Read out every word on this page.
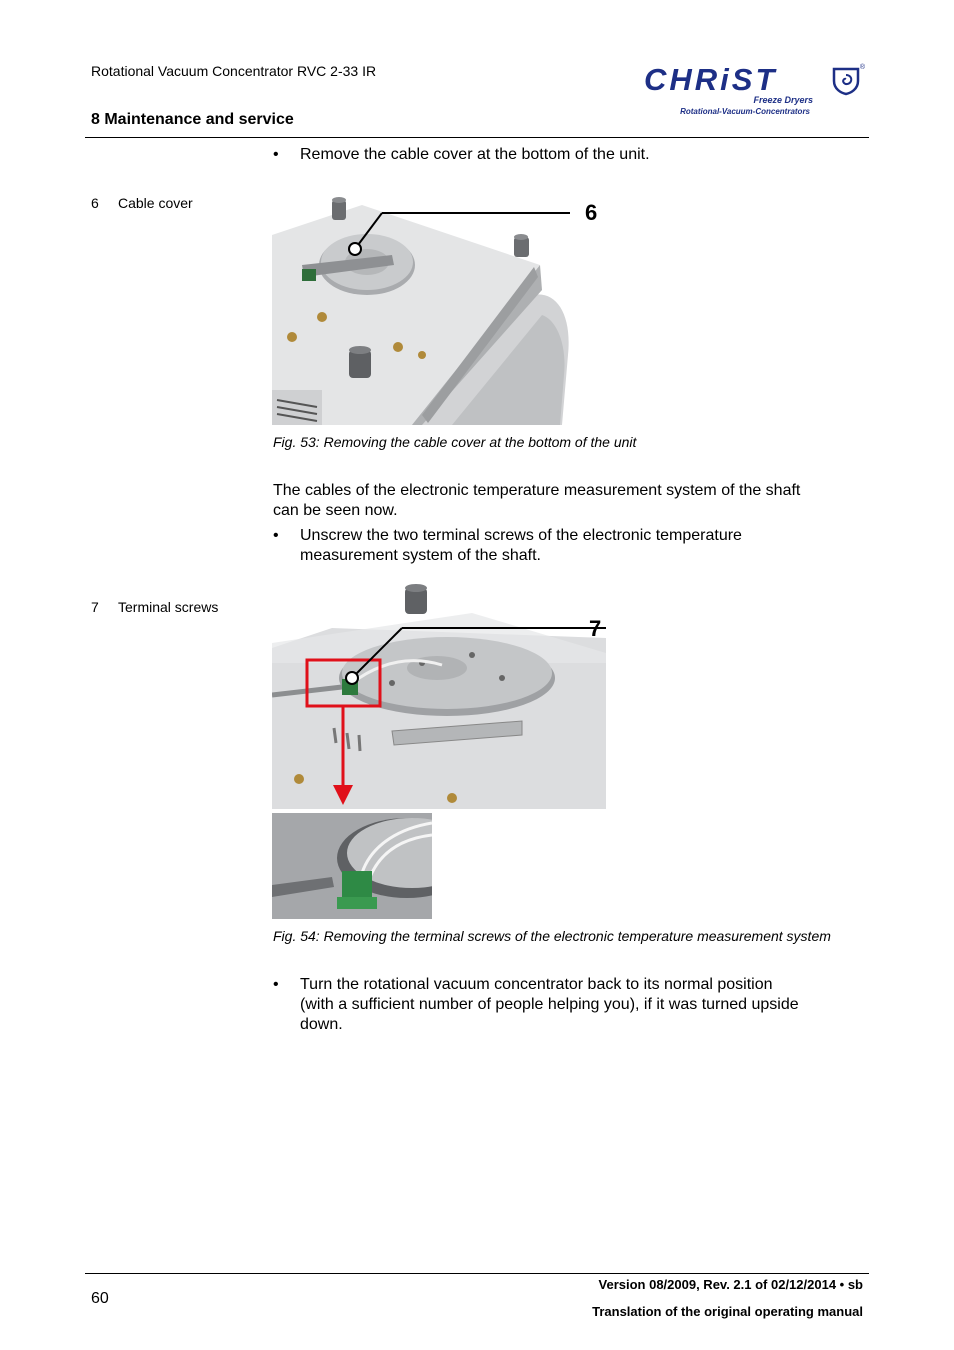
Rotational Vacuum Concentrator RVC 2-33 IR
8 Maintenance and service
CHRiST	®
Freeze Dryers
Rotational-Vacuum-Concentrators
• Remove the cable cover at the bottom of the unit.
6 Cable cover	6
Fig. 53: Removing the cable cover at the bottom of the unit
The cables of the electronic temperature measurement system of the shaft
can be seen now.
• Unscrew the two terminal screws of the electronic temperature
measurement system of the shaft.
7 Terminal screws
7
Fig. 54: Removing the terminal screws of the electronic temperature measurement system
• Turn the rotational vacuum concentrator back to its normal position
(with a sufficient number of people helping you), if it was turned upside
down.
60
Version 08/2009, Rev. 2.1 of 02/12/2014 • sb
Translation of the original operating manual
